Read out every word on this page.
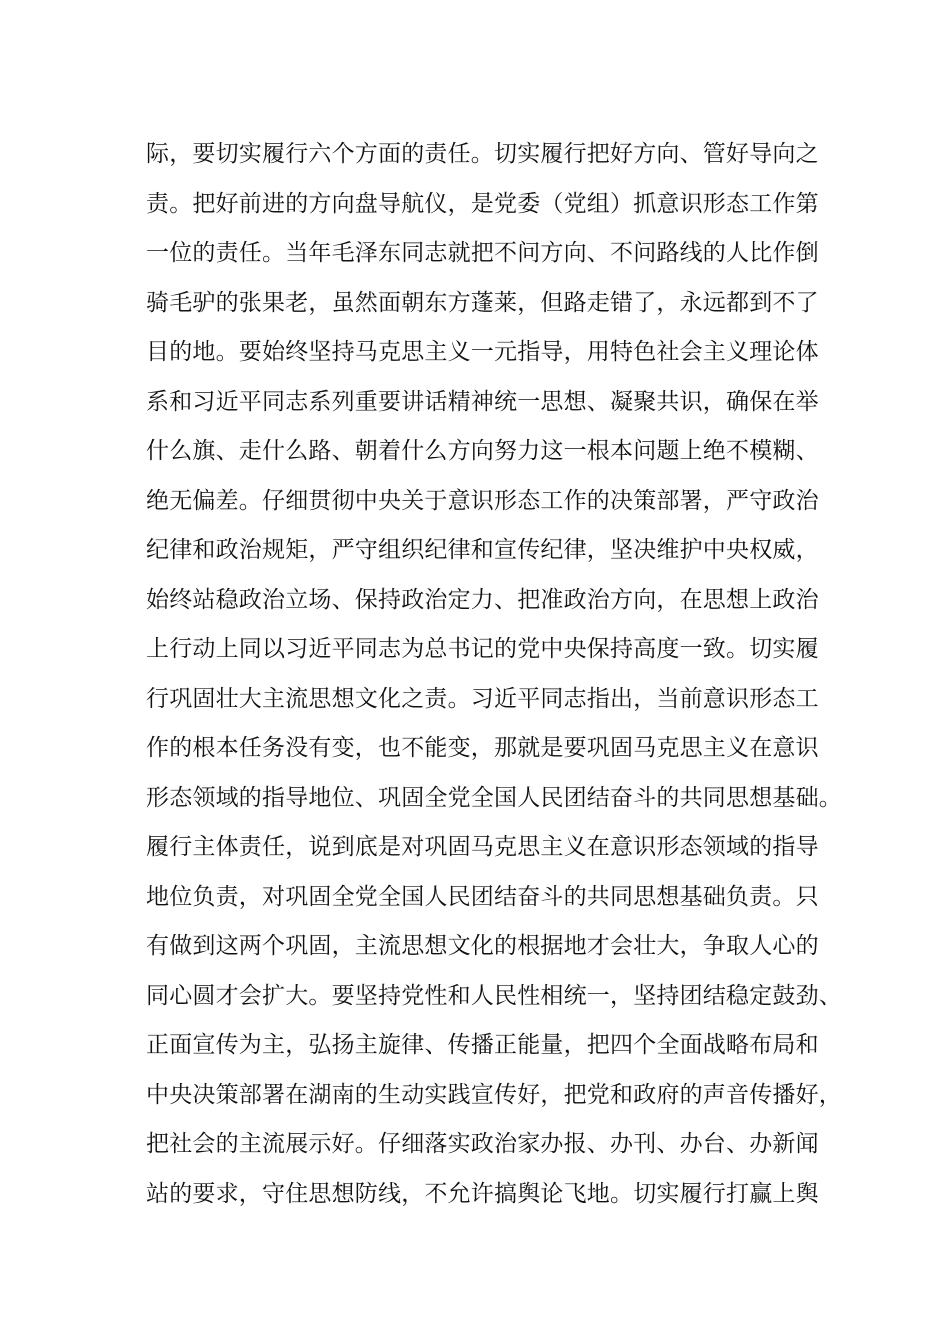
际，要切实履行六个方面的责任。切实履行把好方向、管好导向之
责。把好前进的方向盘导航仪，是党委（党组）抓意识形态工作第
一位的责任。当年毛泽东同志就把不问方向、不问路线的人比作倒
骑毛驴的张果老，虽然面朝东方蓬莱，但路走错了，永远都到不了
目的地。要始终坚持马克思主义一元指导，用特色社会主义理论体
系和习近平同志系列重要讲话精神统一思想、凝聚共识，确保在举
什么旗、走什么路、朝着什么方向努力这一根本问题上绝不模糊、
绝无偏差。仔细贯彻中央关于意识形态工作的决策部署，严守政治
纪律和政治规矩，严守组织纪律和宣传纪律，坚决维护中央权威，
始终站稳政治立场、保持政治定力、把准政治方向，在思想上政治
上行动上同以习近平同志为总书记的党中央保持高度一致。切实履
行巩固壮大主流思想文化之责。习近平同志指出，当前意识形态工
作的根本任务没有变，也不能变，那就是要巩固马克思主义在意识
形态领域的指导地位、巩固全党全国人民团结奋斗的共同思想基础。
履行主体责任，说到底是对巩固马克思主义在意识形态领域的指导
地位负责，对巩固全党全国人民团结奋斗的共同思想基础负责。只
有做到这两个巩固，主流思想文化的根据地才会壮大，争取人心的
同心圆才会扩大。要坚持党性和人民性相统一，坚持团结稳定鼓劲、
正面宣传为主，弘扬主旋律、传播正能量，把四个全面战略布局和
中央决策部署在湖南的生动实践宣传好，把党和政府的声音传播好，
把社会的主流展示好。仔细落实政治家办报、办刊、办台、办新闻
站的要求，守住思想防线，不允许搞舆论飞地。切实履行打赢上舆
